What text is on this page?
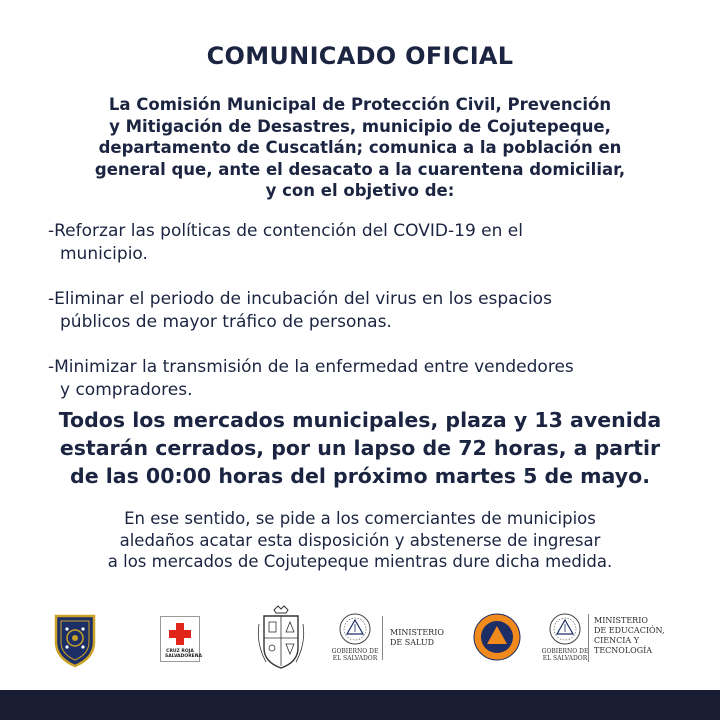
COMUNICADO OFICIAL
La Comisión Municipal de Protección Civil, Prevención
y Mitigación de Desastres, municipio de Cojutepeque,
departamento de Cuscatlán; comunica a la población en
general que, ante el desacato a la cuarentena domiciliar,
y con el objetivo de:
-Reforzar las políticas de contención del COVID-19 en el
municipio.
-Eliminar el periodo de incubación del virus en los espacios
públicos de mayor tráfico de personas.
-Minimizar la transmisión de la enfermedad entre vendedores
y compradores.
Todos los mercados municipales, plaza y 13 avenida
estarán cerrados, por un lapso de 72 horas, a partir
de las 00:00 horas del próximo martes 5 de mayo.
En ese sentido, se pide a los comerciantes de municipios
aledaños acatar esta disposición y abstenerse de ingresar
a los mercados de Cojutepeque mientras dure dicha medida.
CRUZ ROJA
SALVADOREÑA
GOBIERNO DE
EL SALVADOR
MINISTERIO
DE SALUD
GOBIERNO DE
EL SALVADOR
MINISTERIO
DE EDUCACIÓN,
CIENCIA Y
TECNOLOGÍA
